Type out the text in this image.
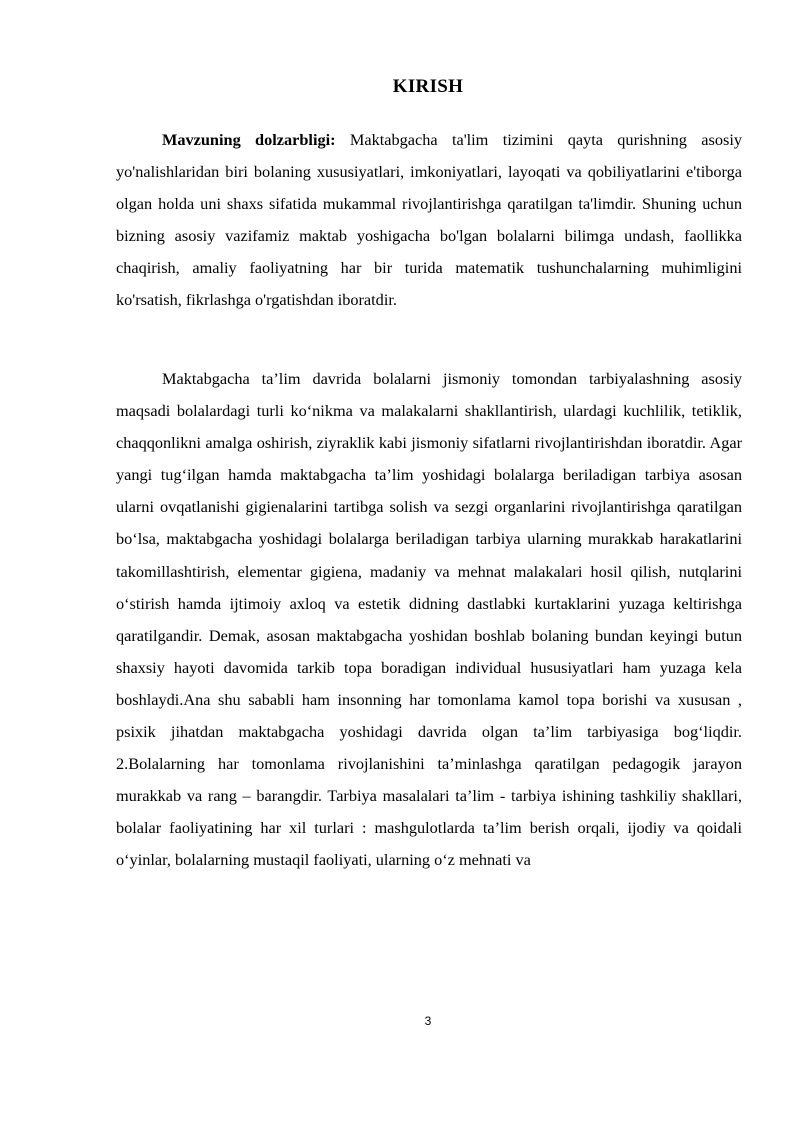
KIRISH

Mavzuning dolzarbligi: Maktabgacha ta'lim tizimini qayta qurishning asosiy yo'nalishlaridan biri bolaning xususiyatlari, imkoniyatlari, layoqati va qobiliyatlarini e'tiborga olgan holda uni shaxs sifatida mukammal rivojlantirishga qaratilgan ta'limdir. Shuning uchun bizning asosiy vazifamiz maktab yoshigacha bo'lgan bolalarni bilimga undash, faollikka chaqirish, amaliy faoliyatning har bir turida matematik tushunchalarning muhimligini ko'rsatish, fikrlashga o'rgatishdan iboratdir.

Maktabgacha ta’lim davrida bolalarni jismoniy tomondan tarbiyalashning asosiy maqsadi bolalardagi turli ko‘nikma va malakalarni shakllantirish, ulardagi kuchlilik, tetiklik, chaqqonlikni amalga oshirish, ziyraklik kabi jismoniy sifatlarni rivojlantirishdan iboratdir. Agar yangi tug‘ilgan hamda maktabgacha ta’lim yoshidagi bolalarga beriladigan tarbiya asosan ularni ovqatlanishi gigienalarini tartibga solish va sezgi organlarini rivojlantirishga qaratilgan bo‘lsa, maktabgacha yoshidagi bolalarga beriladigan tarbiya ularning murakkab harakatlarini takomillashtirish, elementar gigiena, madaniy va mehnat malakalari hosil qilish, nutqlarini o‘stirish hamda ijtimoiy axloq va estetik didning dastlabki kurtaklarini yuzaga keltirishga qaratilgandir. Demak, asosan maktabgacha yoshidan boshlab bolaning bundan keyingi butun shaxsiy hayoti davomida tarkib topa boradigan individual hususiyatlari ham yuzaga kela boshlaydi.Ana shu sababli ham insonning har tomonlama kamol topa borishi va xususan , psixik jihatdan maktabgacha yoshidagi davrida olgan ta’lim tarbiyasiga bog‘liqdir. 2.Bolalarning har tomonlama rivojlanishini ta’minlashga qaratilgan pedagogik jarayon murakkab va rang – barangdir. Tarbiya masalalari ta’lim - tarbiya ishining tashkiliy shakllari, bolalar faoliyatining har xil turlari : mashgulotlarda ta’lim berish orqali, ijodiy va qoidali o‘yinlar, bolalarning mustaqil faoliyati, ularning o‘z mehnati va

3
